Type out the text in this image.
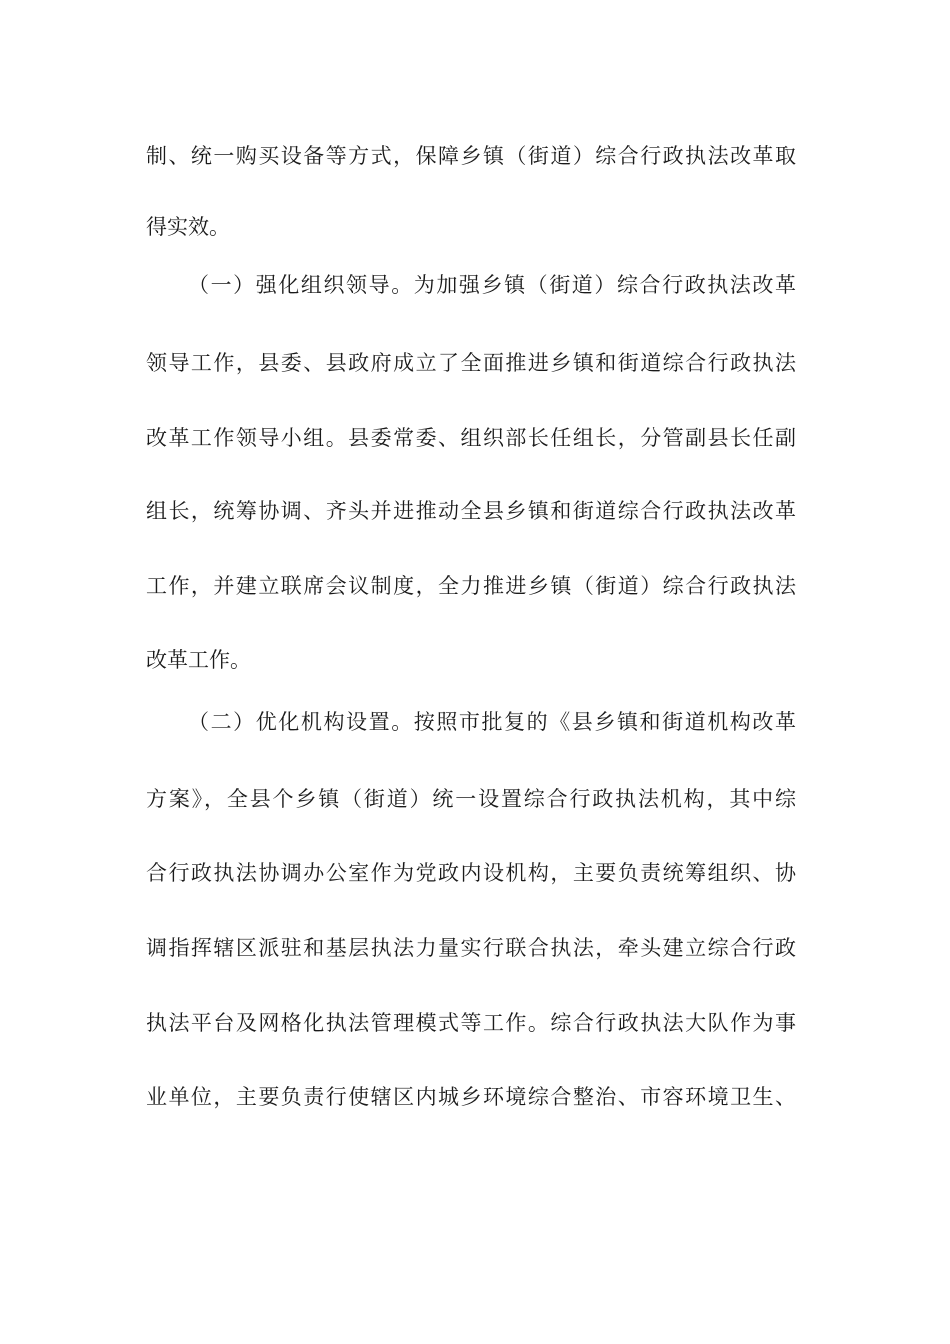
制、统一购买设备等方式，保障乡镇（街道）综合行政执法改革取
得实效。
（一）强化组织领导。为加强乡镇（街道）综合行政执法改革
领导工作，县委、县政府成立了全面推进乡镇和街道综合行政执法
改革工作领导小组。县委常委、组织部长任组长，分管副县长任副
组长，统筹协调、齐头并进推动全县乡镇和街道综合行政执法改革
工作，并建立联席会议制度，全力推进乡镇（街道）综合行政执法
改革工作。
（二）优化机构设置。按照市批复的《县乡镇和街道机构改革
方案》，全县个乡镇（街道）统一设置综合行政执法机构，其中综
合行政执法协调办公室作为党政内设机构，主要负责统筹组织、协
调指挥辖区派驻和基层执法力量实行联合执法，牵头建立综合行政
执法平台及网格化执法管理模式等工作。综合行政执法大队作为事
业单位，主要负责行使辖区内城乡环境综合整治、市容环境卫生、
